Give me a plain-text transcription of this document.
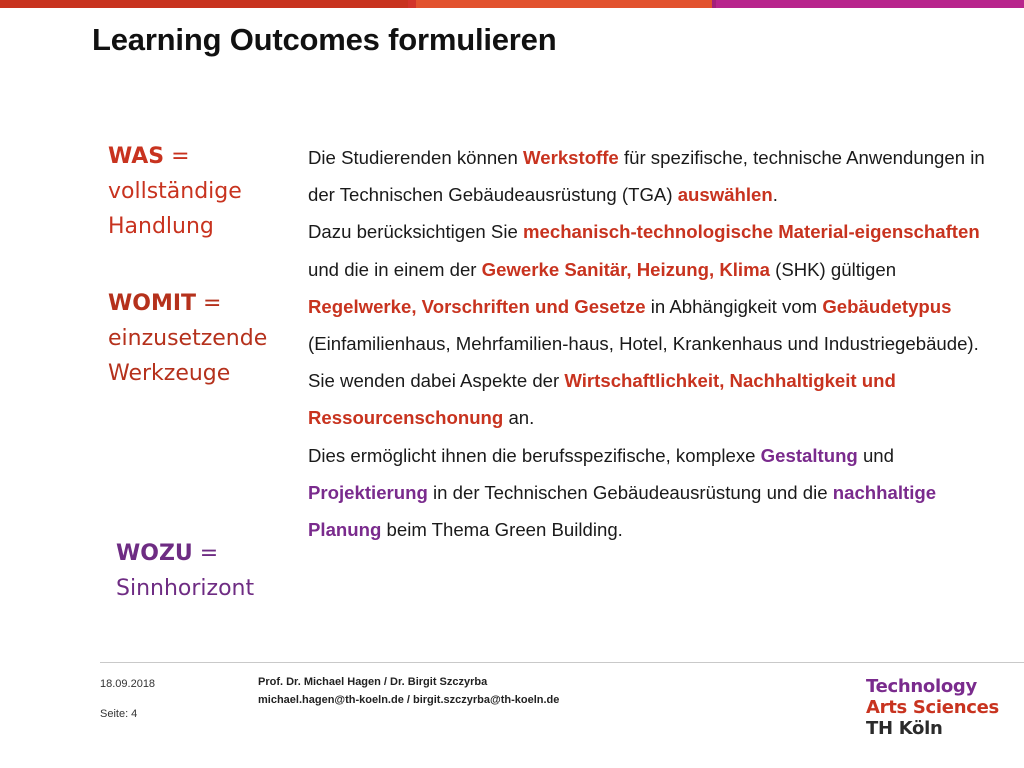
Learning Outcomes formulieren
WAS = vollständige Handlung
WOMIT = einzusetzende Werkzeuge
WOZU = Sinnhorizont

Die Studierenden können Werkstoffe für spezifische, technische Anwendungen in der Technischen Gebäudeausrüstung (TGA) auswählen.

Dazu berücksichtigen Sie mechanisch-technologische Material-eigenschaften und die in einem der Gewerke Sanitär, Heizung, Klima (SHK) gültigen Regelwerke, Vorschriften und Gesetze in Abhängigkeit vom Gebäudetypus (Einfamilienhaus, Mehrfamilien-haus, Hotel, Krankenhaus und Industriegebäude). Sie wenden dabei Aspekte der Wirtschaftlichkeit, Nachhaltigkeit und Ressourcenschonung an.

Dies ermöglicht ihnen die berufsspezifische, komplexe Gestaltung und Projektierung in der Technischen Gebäudeausrüstung und die nachhaltige Planung beim Thema Green Building.

18.09.2018
Seite: 4
Prof. Dr. Michael Hagen / Dr. Birgit Szczyrba
michael.hagen@th-koeln.de / birgit.szczyrba@th-koeln.de
Technology
Arts Sciences
TH Köln
